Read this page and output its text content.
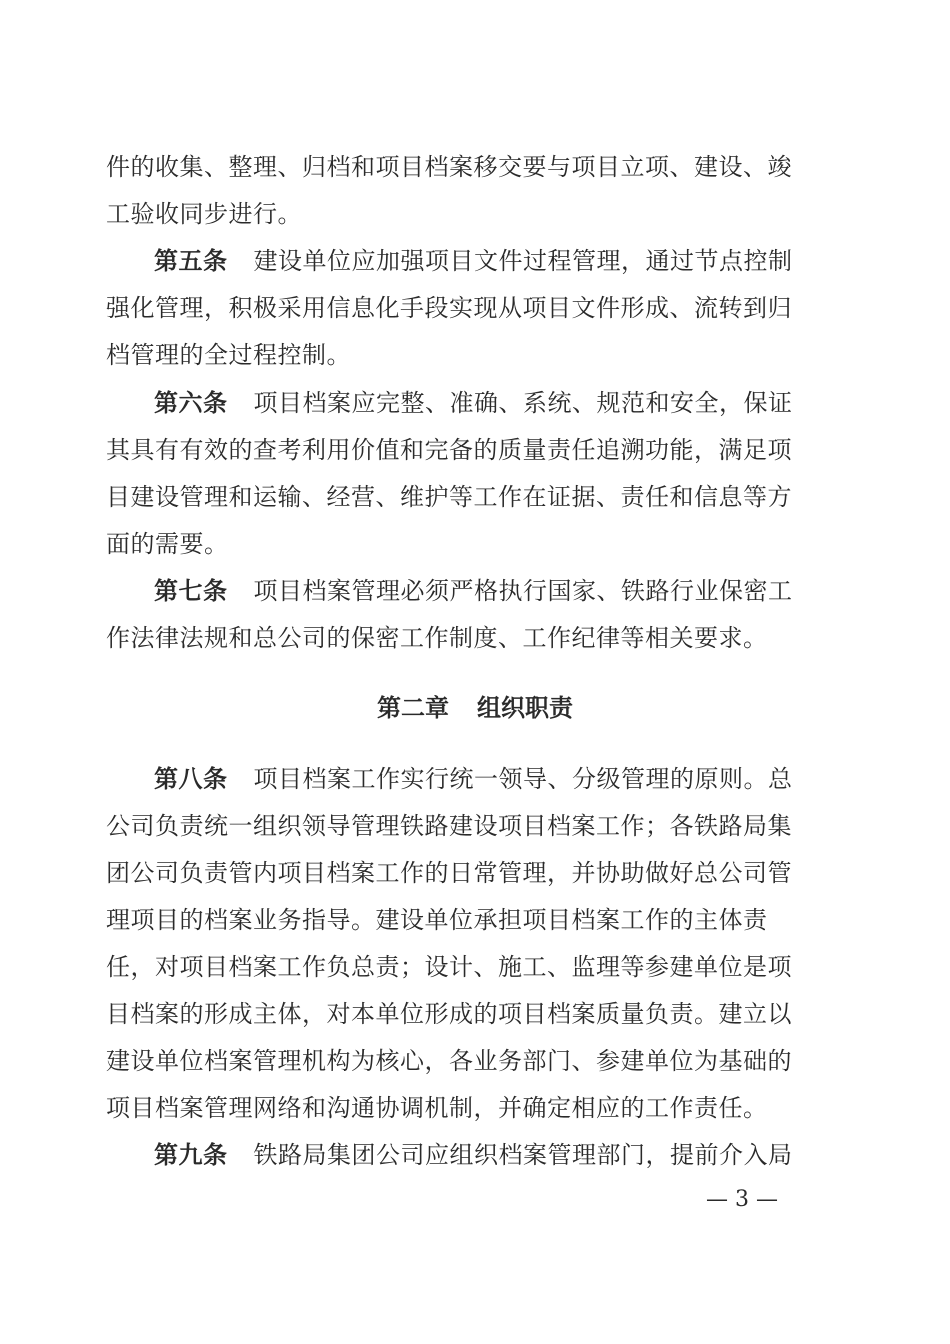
件的收集、整理、归档和项目档案移交要与项目立项、建设、竣
工验收同步进行。
第五条 建设单位应加强项目文件过程管理，通过节点控制
强化管理，积极采用信息化手段实现从项目文件形成、流转到归
档管理的全过程控制。
第六条 项目档案应完整、准确、系统、规范和安全，保证
其具有有效的查考利用价值和完备的质量责任追溯功能，满足项
目建设管理和运输、经营、维护等工作在证据、责任和信息等方
面的需要。
第七条 项目档案管理必须严格执行国家、铁路行业保密工
作法律法规和总公司的保密工作制度、工作纪律等相关要求。
第二章 组织职责
第八条 项目档案工作实行统一领导、分级管理的原则。总
公司负责统一组织领导管理铁路建设项目档案工作；各铁路局集
团公司负责管内项目档案工作的日常管理，并协助做好总公司管
理项目的档案业务指导。建设单位承担项目档案工作的主体责
任，对项目档案工作负总责；设计、施工、监理等参建单位是项
目档案的形成主体，对本单位形成的项目档案质量负责。建立以
建设单位档案管理机构为核心，各业务部门、参建单位为基础的
项目档案管理网络和沟通协调机制，并确定相应的工作责任。
第九条 铁路局集团公司应组织档案管理部门，提前介入局
— 3 —
